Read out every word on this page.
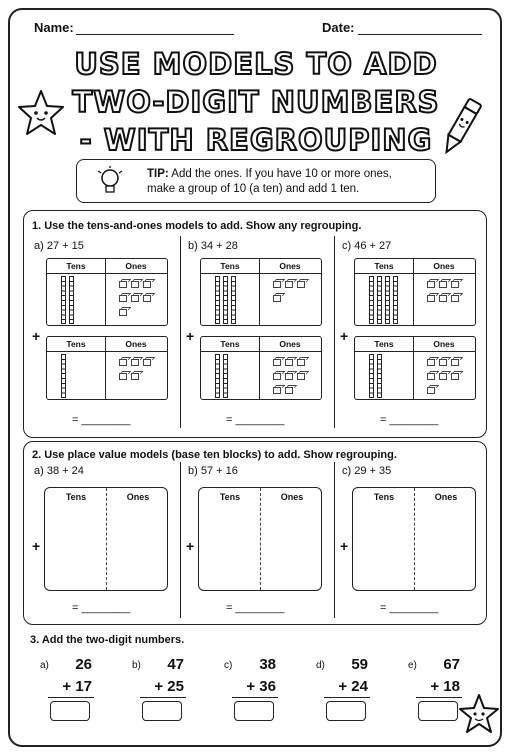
Name:	Date:
USE MODELS TO ADD
TWO-DIGIT NUMBERS
- WITH REGROUPING
TIP: Add the ones. If you have 10 or more ones,
make a group of 10 (a ten) and add 1 ten.
1. Use the tens-and-ones models to add. Show any regrouping.
2. Use place value models (base ten blocks) to add. Show regrouping.
3. Add the two-digit numbers.
a) 27 + 15
Tens	Ones
Tens	Ones
+
= ________
b) 34 + 28
Tens	Ones
Tens	Ones
+
= ________
c) 46 + 27
Tens	Ones
Tens	Ones
+
= ________
a) 38 + 24
Tens	Ones
+
= ________
b) 57 + 16
Tens	Ones
+
= ________
c) 29 + 35
Tens	Ones
+
= ________
a)	26
+ 17
b)	47
+ 25
c)	38
+ 36
d)	59
+ 24
e)	67
+ 18
